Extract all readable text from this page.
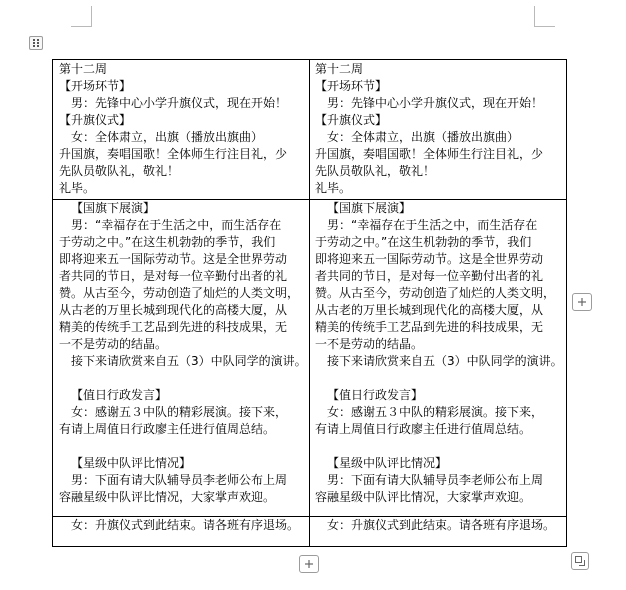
第十二周
【开场环节】
男：先锋中心小学升旗仪式，现在开始！
【升旗仪式】
女：全体肃立，出旗（播放出旗曲）
升国旗，奏唱国歌！全体师生行注目礼，少
先队员敬队礼，敬礼！
礼毕。
第十二周
【开场环节】
男：先锋中心小学升旗仪式，现在开始！
【升旗仪式】
女：全体肃立，出旗（播放出旗曲）
升国旗，奏唱国歌！全体师生行注目礼，少
先队员敬队礼，敬礼！
礼毕。
【国旗下展演】
男：“幸福存在于生活之中，而生活存在
于劳动之中。”在这生机勃勃的季节，我们
即将迎来五一国际劳动节。这是全世界劳动
者共同的节日，是对每一位辛勤付出者的礼
赞。从古至今，劳动创造了灿烂的人类文明，
从古老的万里长城到现代化的高楼大厦，从
精美的传统手工艺品到先进的科技成果，无
一不是劳动的结晶。
接下来请欣赏来自五（3）中队同学的演讲。
【值日行政发言】
女：感谢五３中队的精彩展演。接下来，
有请上周值日行政廖主任进行值周总结。
【星级中队评比情况】
男：下面有请大队辅导员李老师公布上周
容融星级中队评比情况，大家掌声欢迎。
【国旗下展演】
男：“幸福存在于生活之中，而生活存在
于劳动之中。”在这生机勃勃的季节，我们
即将迎来五一国际劳动节。这是全世界劳动
者共同的节日，是对每一位辛勤付出者的礼
赞。从古至今，劳动创造了灿烂的人类文明，
从古老的万里长城到现代化的高楼大厦，从
精美的传统手工艺品到先进的科技成果，无
一不是劳动的结晶。
接下来请欣赏来自五（3）中队同学的演讲。
【值日行政发言】
女：感谢五３中队的精彩展演。接下来，
有请上周值日行政廖主任进行值周总结。
【星级中队评比情况】
男：下面有请大队辅导员李老师公布上周
容融星级中队评比情况，大家掌声欢迎。
女：升旗仪式到此结束。请各班有序退场。	女：升旗仪式到此结束。请各班有序退场。
